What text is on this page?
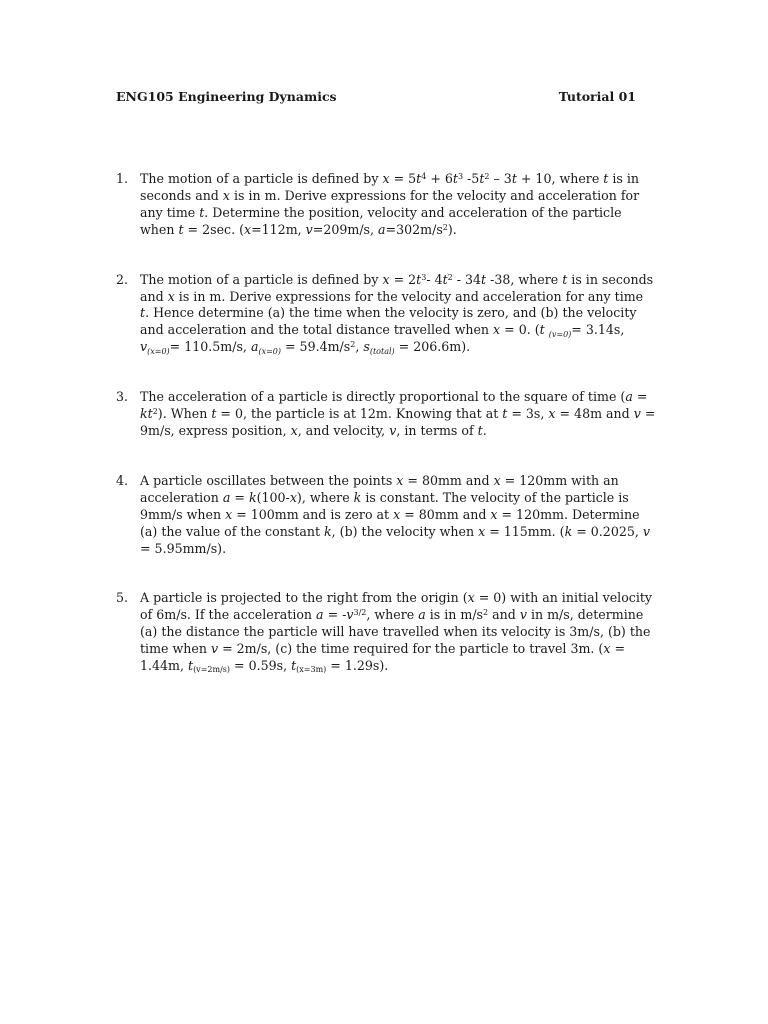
ENG105 Engineering Dynamics	Tutorial 01
1. The motion of a particle is defined by $x = 5t^4 + 6t^3$ $-5t^2 - 3t + 10$, where t is in seconds and x is in m. Derive expressions for the velocity and acceleration for any time t. Determine the position, velocity and acceleration of the particle when t = 2sec. (x=112m, v=209m/s, $a=302m/s^2$).
2. The motion of a particle is defined by $x = 2t^3-$ $4t^2 - 34t$ -38, where t is in seconds and x is in m. Derive expressions for the velocity and acceleration for any time t. Hence determine (a) the time when the velocity is zero, and (b) the velocity and acceleration and the total distance travelled when x = 0. (t $_{(v=0)}$= 3.14s, $v_{(x=0)}= 110.5m/s$, $a_{(x=0)} = 59.4m/s^2$, $s_{(total)} = 206.6m$).
3. The acceleration of a particle is directly proportional to the square of time $(a = kt^2)$. When t = 0, the particle is at 12m. Knowing that at t = 3s, x = 48m and v = 9m/s, express position, x, and velocity, v, in terms of t.
4. A particle oscillates between the points x = 80mm and x = 120mm with an acceleration a = k(100-x), where k is constant. The velocity of the particle is 9mm/s when x = 100mm and is zero at x = 80mm and x = 120mm. Determine (a) the value of the constant k, (b) the velocity when x = 115mm. (k = 0.2025, v = 5.95mm/s).
5. A particle is projected to the right from the origin (x = 0) with an initial velocity of 6m/s. If the acceleration $a = -v^{3/2}$, where a is in $m/s^2$ and v in m/s, determine (a) the distance the particle will have travelled when its velocity is 3m/s, (b) the time when v = 2m/s, (c) the time required for the particle to travel 3m. (x = 1.44m, $t_{(v=2m/s)} = 0.59s$, $t_{(x=3m)} = 1.29s$).
